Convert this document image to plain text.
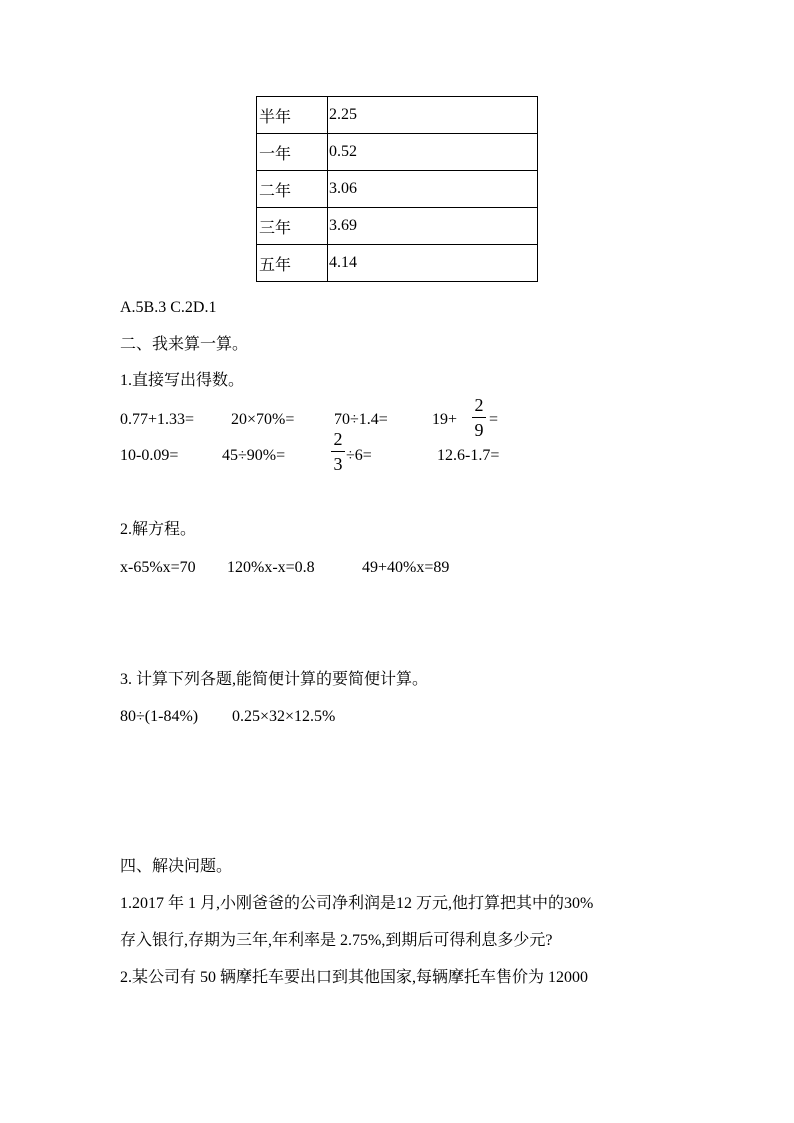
半年	2.25
一年	0.52
二年	3.06
三年	3.69
五年	4.14
A.5B.3 C.2D.1
二、我来算一算。
1.直接写出得数。
0.77+1.33= 20×70%= 70÷1.4=	19+
2
9
=
10-0.09=	45÷90%=
2
3 ÷6=	12.6-1.7=
2.解方程。
x-65%x=70 120%x-x=0.8	49+40%x=89
3. 计算下列各题,能简便计算的要简便计算。
80÷(1-84%) 0.25×32×12.5%
四、解决问题。
1.2017 年 1 月,小刚爸爸的公司净利润是12 万元,他打算把其中的30%
存入银行,存期为三年,年利率是 2.75%,到期后可得利息多少元?
2.某公司有 50 辆摩托车要出口到其他国家,每辆摩托车售价为 12000
